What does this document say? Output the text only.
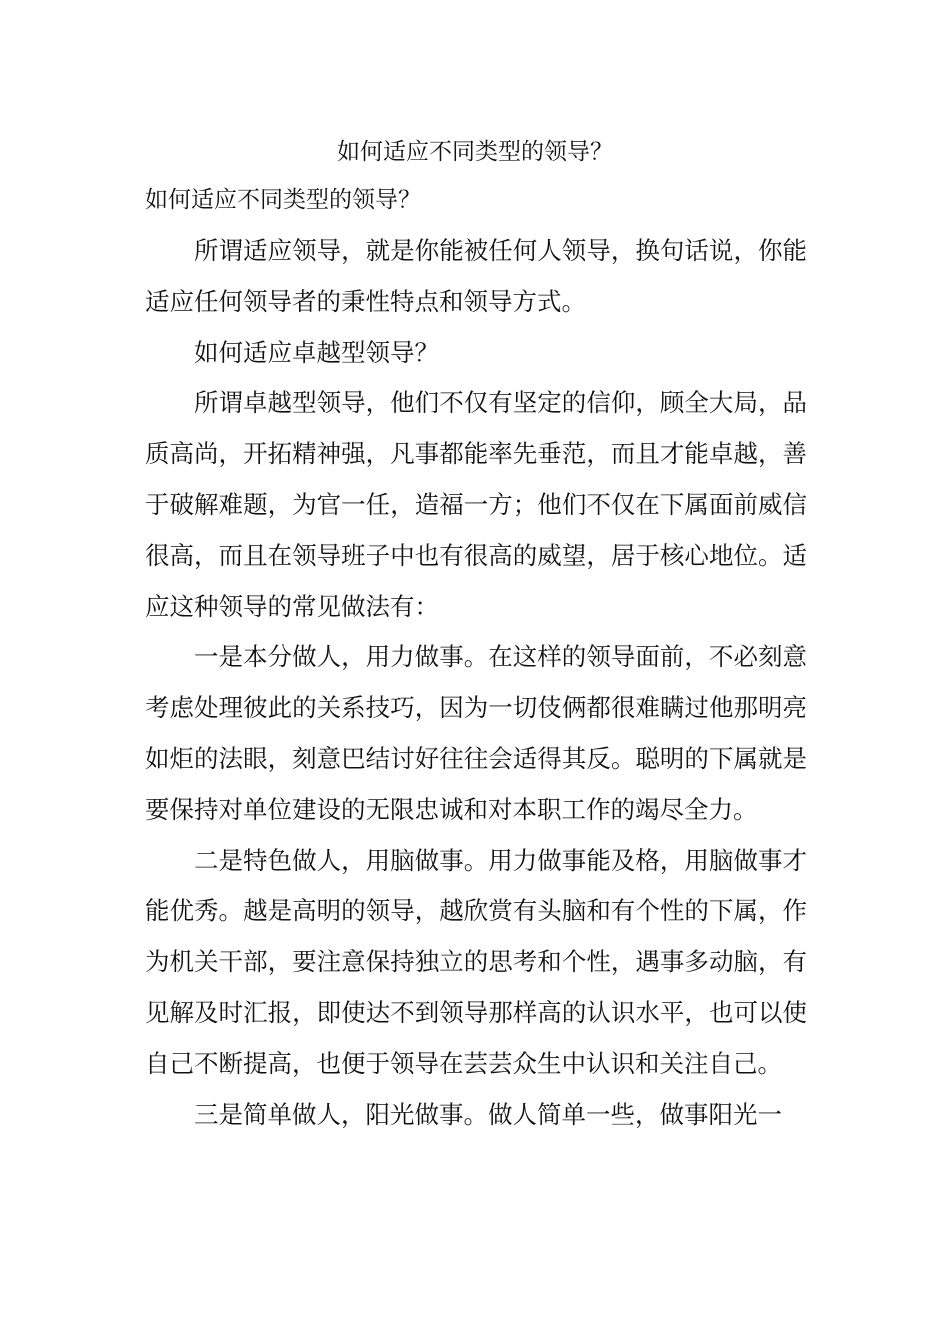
如何适应不同类型的领导？
如何适应不同类型的领导？

所谓适应领导，就是你能被任何人领导，换句话说，你能适应任何领导者的秉性特点和领导方式。

如何适应卓越型领导？

所谓卓越型领导，他们不仅有坚定的信仰，顾全大局，品质高尚，开拓精神强，凡事都能率先垂范，而且才能卓越，善于破解难题，为官一任，造福一方；他们不仅在下属面前威信很高，而且在领导班子中也有很高的威望，居于核心地位。适应这种领导的常见做法有：

一是本分做人，用力做事。在这样的领导面前，不必刻意考虑处理彼此的关系技巧，因为一切伎俩都很难瞒过他那明亮如炬的法眼，刻意巴结讨好往往会适得其反。聪明的下属就是要保持对单位建设的无限忠诚和对本职工作的竭尽全力。

二是特色做人，用脑做事。用力做事能及格，用脑做事才能优秀。越是高明的领导，越欣赏有头脑和有个性的下属，作为机关干部，要注意保持独立的思考和个性，遇事多动脑，有见解及时汇报，即使达不到领导那样高的认识水平，也可以使自己不断提高，也便于领导在芸芸众生中认识和关注自己。

三是简单做人，阳光做事。做人简单一些，做事阳光一
